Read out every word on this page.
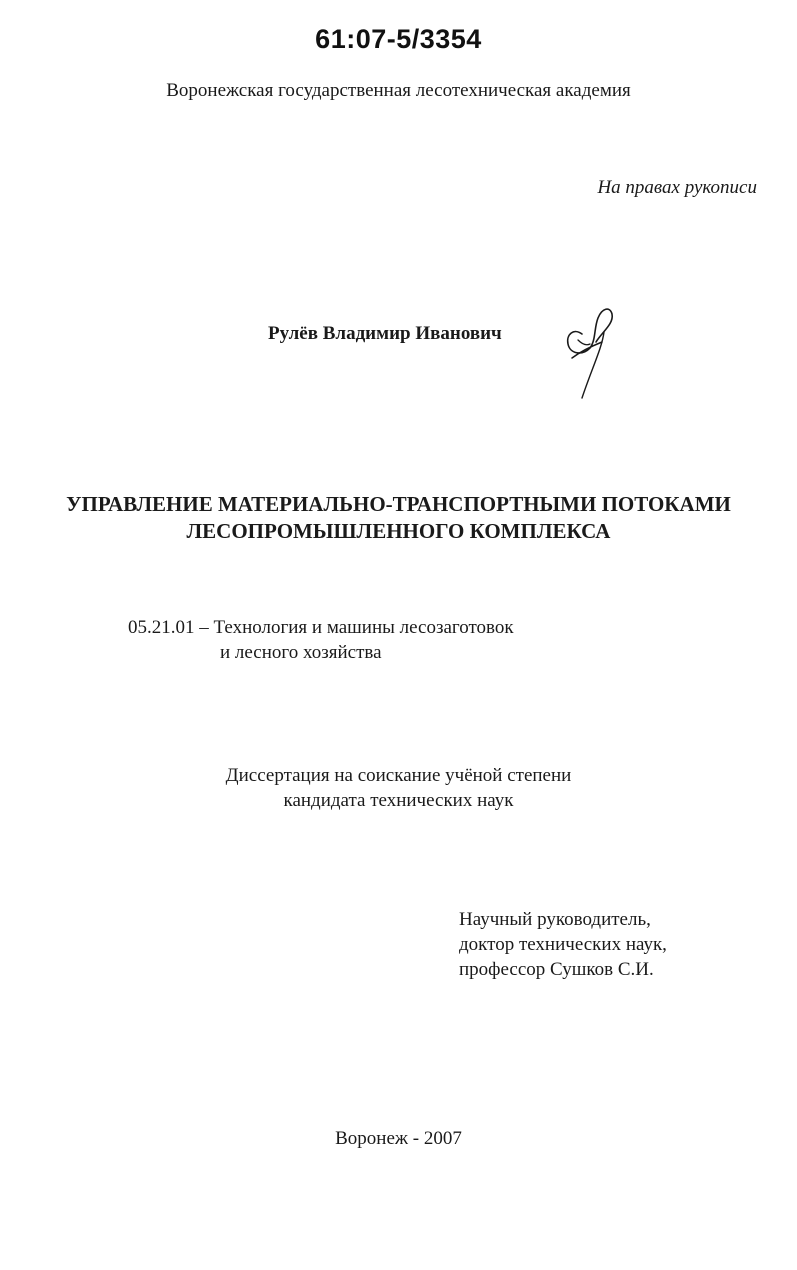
61:07-5/3354
Воронежская государственная лесотехническая академия
На правах рукописи
Рулёв Владимир Иванович
УПРАВЛЕНИЕ МАТЕРИАЛЬНО-ТРАНСПОРТНЫМИ ПОТОКАМИ
ЛЕСОПРОМЫШЛЕННОГО КОМПЛЕКСА
05.21.01 – Технология и машины лесозаготовок
и лесного хозяйства
Диссертация на соискание учёной степени
кандидата технических наук
Научный руководитель,
доктор технических наук,
профессор Сушков С.И.
Воронеж - 2007
